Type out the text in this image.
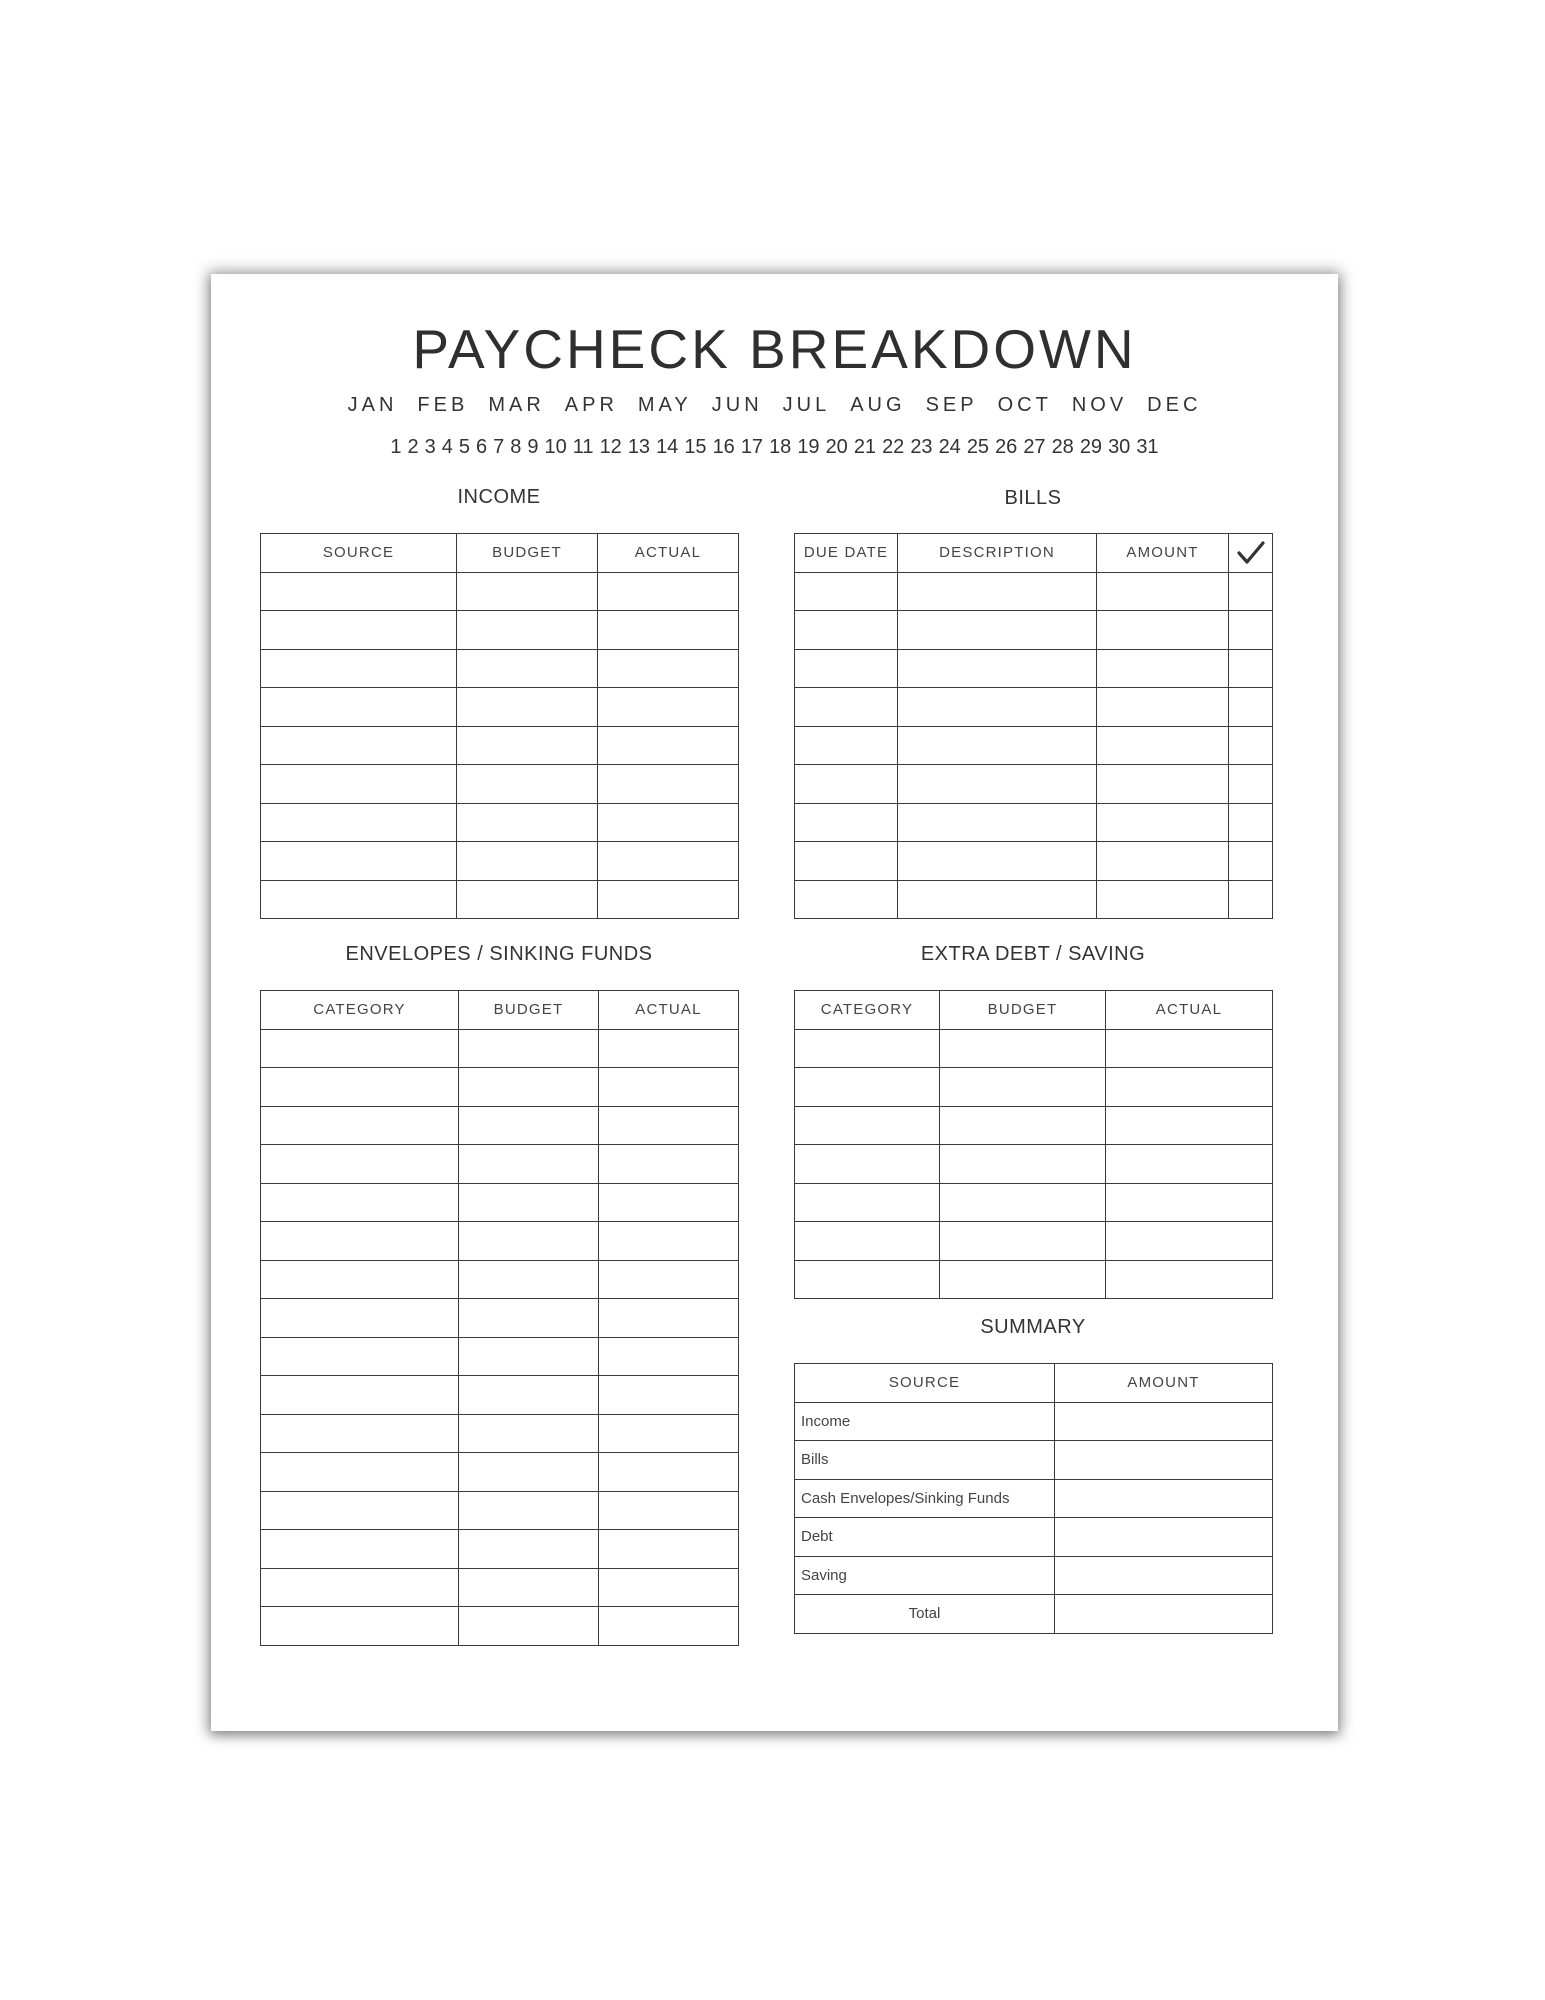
PAYCHECK BREAKDOWN
JAN FEB MAR APR MAY JUN JUL AUG SEP OCT NOV DEC
1 2 3 4 5 6 7 8 9 10 11 12 13 14 15 16 17 18 19 20 21 22 23 24 25 26 27 28 29 30 31
INCOME
SOURCE	BUDGET	ACTUAL

BILLS
DUE DATE	DESCRIPTION	AMOUNT	

ENVELOPES / SINKING FUNDS
CATEGORY	BUDGET	ACTUAL

EXTRA DEBT / SAVING
CATEGORY	BUDGET	ACTUAL

SUMMARY
SOURCE	AMOUNT
Income	
Bills	
Cash Envelopes/Sinking Funds	
Debt	
Saving	
Total	
